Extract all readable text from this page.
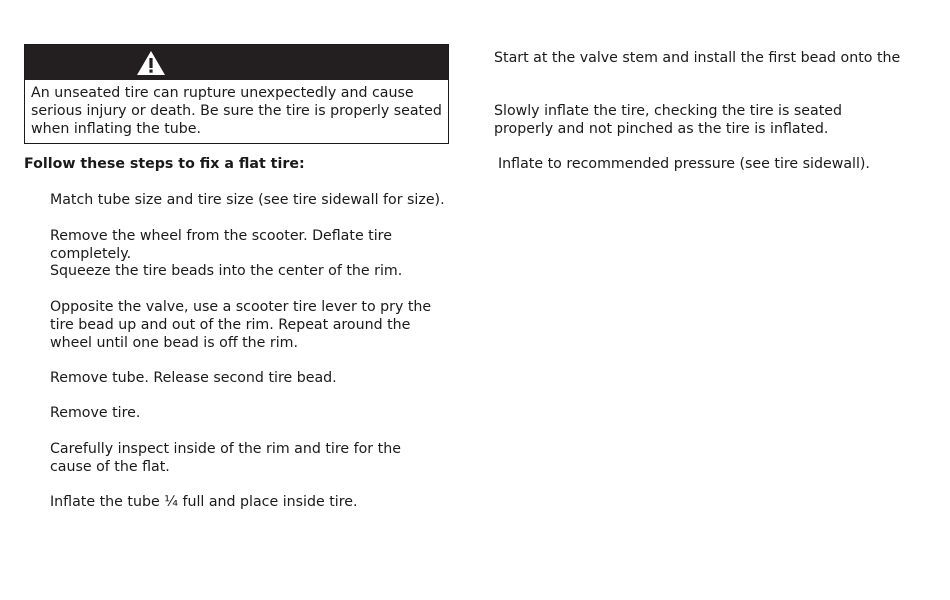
An unseated tire can rupture unexpectedly and cause serious injury or death. Be sure the tire is properly seated when inflating the tube.
Follow these steps to fix a flat tire:
Match tube size and tire size (see tire sidewall for size).
Remove the wheel from the scooter. Deflate tire completely.
Squeeze the tire beads into the center of the rim.
Opposite the valve, use a scooter tire lever to pry the tire bead up and out of the rim. Repeat around the wheel until one bead is off the rim.
Remove tube. Release second tire bead.
Remove tire.
Carefully inspect inside of the rim and tire for the cause of the flat.
Inflate the tube ¼ full and place inside tire.
Start at the valve stem and install the first bead onto the
Slowly inflate the tire, checking the tire is seated properly and not pinched as the tire is inflated.
Inflate to recommended pressure (see tire sidewall).
